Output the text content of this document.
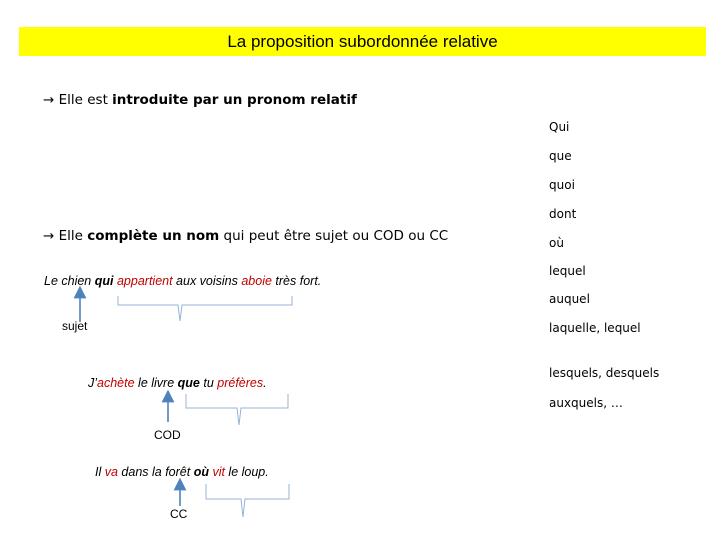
La proposition subordonnée relative
→ Elle est introduite par un pronom relatif
→ Elle complète un nom qui peut être sujet ou COD ou CC
Le chien qui appartient aux voisins aboie très fort.
sujet
J’achète le livre que tu préfères.
COD
Il va dans la forêt où vit le loup.
CC
Qui
que
quoi
dont
où
lequel
auquel
laquelle, lequel
lesquels, desquels
auxquels, …
